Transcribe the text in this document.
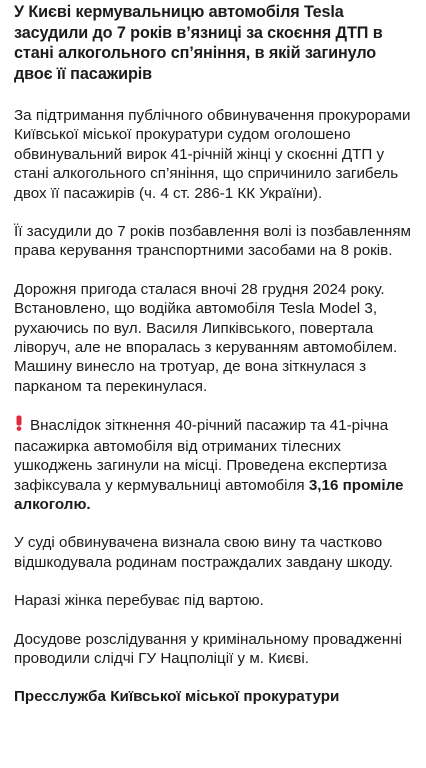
У Києві кермувальницю автомобіля Tesla засудили до 7 років в’язниці за скоєння ДТП в стані алкогольного сп’яніння, в якій загинуло двоє її пасажирів

За підтримання публічного обвинувачення прокурорами Київської міської прокуратури судом оголошено обвинувальний вирок 41-річній жінці у скоєнні ДТП у стані алкогольного сп’яніння, що спричинило загибель двох її пасажирів (ч. 4 ст. 286-1 КК України).

Її засудили до 7 років позбавлення волі із позбавленням права керування транспортними засобами на 8 років.

Дорожня пригода сталася вночі 28 грудня 2024 року. Встановлено, що водійка автомобіля Tesla Model 3, рухаючись по вул. Василя Липківського, повертала ліворуч, але не впоралась з керуванням автомобілем. Машину винесло на тротуар, де вона зіткнулася з парканом та перекинулася.

Внаслідок зіткнення 40-річний пасажир та 41-річна пасажирка автомобіля від отриманих тілесних ушкоджень загинули на місці. Проведена експертиза зафіксувала у кермувальниці автомобіля 3,16 проміле алкоголю.

У суді обвинувачена визнала свою вину та частково відшкодувала родинам постраждалих завдану шкоду.

Наразі жінка перебуває під вартою.

Досудове розслідування у кримінальному провадженні проводили слідчі ГУ Нацполіції у м. Києві.

Пресслужба Київської міської прокуратури
